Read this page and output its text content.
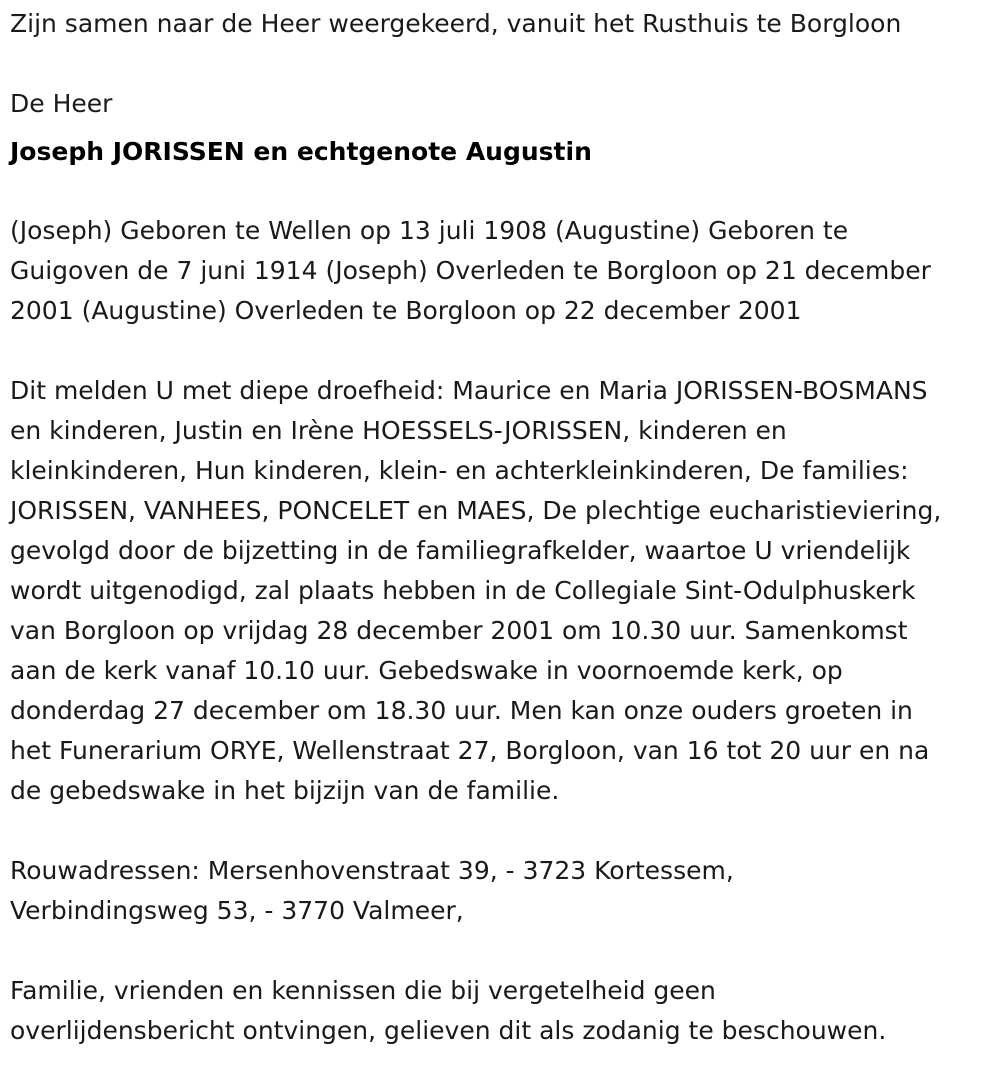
Zijn samen naar de Heer weergekeerd, vanuit het Rusthuis te Borgloon

De Heer

Joseph JORISSEN en echtgenote Augustin

(Joseph) Geboren te Wellen op 13 juli 1908 (Augustine) Geboren te

Guigoven de 7 juni 1914 (Joseph) Overleden te Borgloon op 21 december

2001 (Augustine) Overleden te Borgloon op 22 december 2001

Dit melden U met diepe droefheid: Maurice en Maria JORISSEN-BOSMANS

en kinderen, Justin en Irène HOESSELS-JORISSEN, kinderen en

kleinkinderen, Hun kinderen, klein- en achterkleinkinderen, De families:

JORISSEN, VANHEES, PONCELET en MAES, De plechtige eucharistieviering,

gevolgd door de bijzetting in de familiegrafkelder, waartoe U vriendelijk

wordt uitgenodigd, zal plaats hebben in de Collegiale Sint-Odulphuskerk

van Borgloon op vrijdag 28 december 2001 om 10.30 uur. Samenkomst

aan de kerk vanaf 10.10 uur. Gebedswake in voornoemde kerk, op

donderdag 27 december om 18.30 uur. Men kan onze ouders groeten in

het Funerarium ORYE, Wellenstraat 27, Borgloon, van 16 tot 20 uur en na

de gebedswake in het bijzijn van de familie.

Rouwadressen: Mersenhovenstraat 39, - 3723 Kortessem,

Verbindingsweg 53, - 3770 Valmeer,

Familie, vrienden en kennissen die bij vergetelheid geen

overlijdensbericht ontvingen, gelieven dit als zodanig te beschouwen.
